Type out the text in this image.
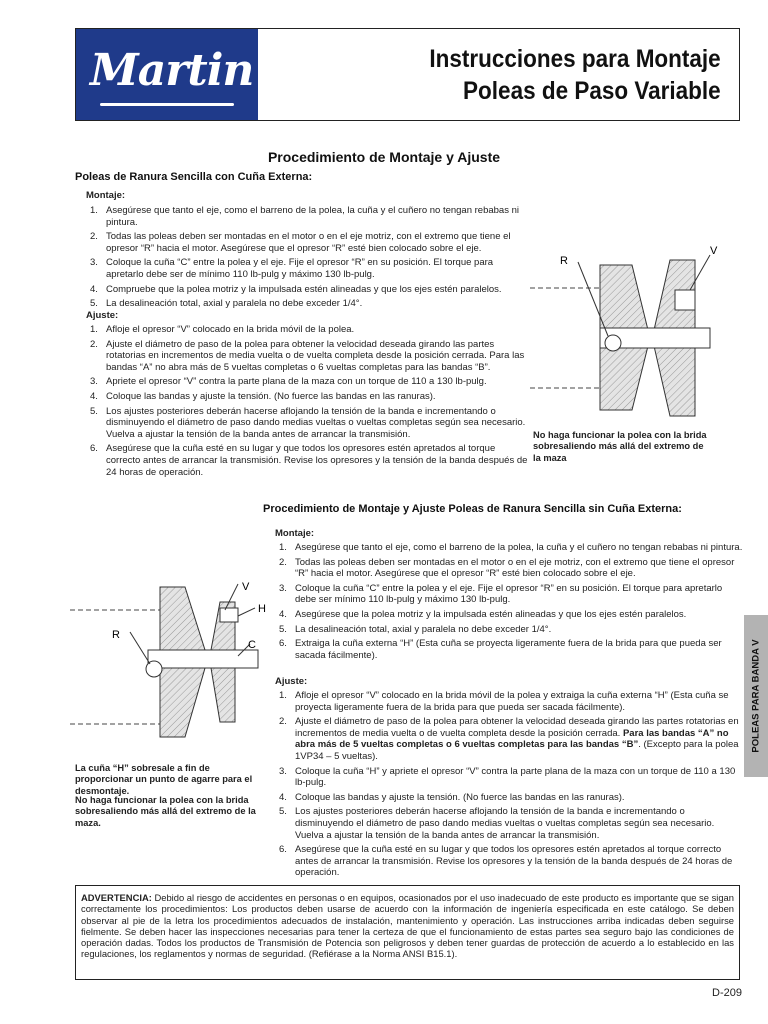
Martin	Instrucciones para Montaje
Poleas de Paso Variable
Procedimiento de Montaje y Ajuste
Poleas de Ranura Sencilla con Cuña Externa:
Montaje:
1. Asegúrese que tanto el eje, como el barreno de la polea, la cuña y el cuñero no tengan rebabas ni pintura.
2. Todas las poleas deben ser montadas en el motor o en el eje motriz, con el extremo que tiene el opresor “R” hacia el motor. Asegúrese que el opresor “R” esté bien colocado sobre el eje.
3. Coloque la cuña “C” entre la polea y el eje. Fije el opresor “R” en su posición. El torque para apretarlo debe ser de mínimo 110 lb-pulg y máximo 130 lb-pulg.
4. Compruebe que la polea motriz y la impulsada estén alineadas y que los ejes estén paralelos.
5. La desalineación total, axial y paralela no debe exceder 1/4°.
Ajuste:
1. Afloje el opresor “V” colocado en la brida móvil de la polea.
2. Ajuste el diámetro de paso de la polea para obtener la velocidad deseada girando las partes rotatorias en incrementos de media vuelta o de vuelta completa desde la posición cerrada. Para las bandas “A” no abra más de 5 vueltas completas o 6 vueltas completas para las bandas “B”.
3. Apriete el opresor “V” contra la parte plana de la maza con un torque de 110 a 130 lb-pulg.
4. Coloque las bandas y ajuste la tensión. (No fuerce las bandas en las ranuras).
5. Los ajustes posteriores deberán hacerse aflojando la tensión de la banda e incrementando o disminuyendo el diámetro de paso dando medias vueltas o vueltas completas según sea necesario. Vuelva a ajustar la tensión de la banda antes de arrancar la transmisión.
6. Asegúrese que la cuña esté en su lugar y que todos los opresores estén apretados al torque correcto antes de arrancar la transmisión. Revise los opresores y la tensión de la banda después de 24 horas de operación.
R
V
No haga funcionar la polea con la brida sobresaliendo más allá del extremo de la maza
Procedimiento de Montaje y Ajuste Poleas de Ranura Sencilla sin Cuña Externa:
Montaje:
1. Asegúrese que tanto el eje, como el barreno de la polea, la cuña y el cuñero no tengan rebabas ni pintura.
2. Todas las poleas deben ser montadas en el motor o en el eje motriz, con el extremo que tiene el opresor “R” hacia el motor. Asegúrese que el opresor “R” esté bien colocado sobre el eje.
3. Coloque la cuña “C” entre la polea y el eje. Fije el opresor “R” en su posición. El torque para apretarlo debe ser mínimo 110 lb-pulg y máximo 130 lb-pulg.
4. Asegúrese que la polea motriz y la impulsada estén alineadas y que los ejes estén paralelos.
5. La desalineación total, axial y paralela no debe exceder 1/4°.
6. Extraiga la cuña externa “H” (Esta cuña se proyecta ligeramente fuera de la brida para que pueda ser sacada fácilmente).
Ajuste:
1. Afloje el opresor “V” colocado en la brida móvil de la polea y extraiga la cuña externa “H” (Esta cuña se proyecta ligeramente fuera de la brida para que pueda ser sacada fácilmente).
2. Ajuste el diámetro de paso de la polea para obtener la velocidad deseada girando las partes rotatorias en incrementos de media vuelta o de vuelta completa desde la posición cerrada. Para las bandas “A” no abra más de 5 vueltas completas o 6 vueltas completas para las bandas “B”. (Excepto para la polea 1VP34 – 5 vueltas).
3. Coloque la cuña “H” y apriete el opresor “V” contra la parte plana de la maza con un torque de 110 a 130 lb-pulg.
4. Coloque las bandas y ajuste la tensión. (No fuerce las bandas en las ranuras).
5. Los ajustes posteriores deberán hacerse aflojando la tensión de la banda e incrementando o disminuyendo el diámetro de paso dando medias vueltas o vueltas completas según sea necesario. Vuelva a ajustar la tensión de la banda antes de arrancar la transmisión.
6. Asegúrese que la cuña esté en su lugar y que todos los opresores estén apretados al torque correcto antes de arrancar la transmisión. Revise los opresores y la tensión de la banda después de 24 horas de operación.
V
H
R
C
La cuña “H” sobresale a fin de proporcionar un punto de agarre para el desmontaje.
No haga funcionar la polea con la brida sobresaliendo más allá del extremo de la maza.
POLEAS PARA BANDA V
ADVERTENCIA: Debido al riesgo de accidentes en personas o en equipos, ocasionados por el uso inadecuado de este producto es importante que se sigan correctamente los procedimientos: Los productos deben usarse de acuerdo con la información de ingeniería especificada en este catálogo. Se deben observar al pie de la letra los procedimientos adecuados de instalación, mantenimiento y operación. Las instrucciones arriba indicadas deben seguirse fielmente. Se deben hacer las inspecciones necesarias para tener la certeza de que el funcionamiento de estas partes sea seguro bajo las condiciones de operación dadas. Todos los productos de Transmisión de Potencia son peligrosos y deben tener guardas de protección de acuerdo a lo establecido en las regulaciones, los reglamentos y normas de seguridad. (Refiérase a la Norma ANSI B15.1).
D-209
